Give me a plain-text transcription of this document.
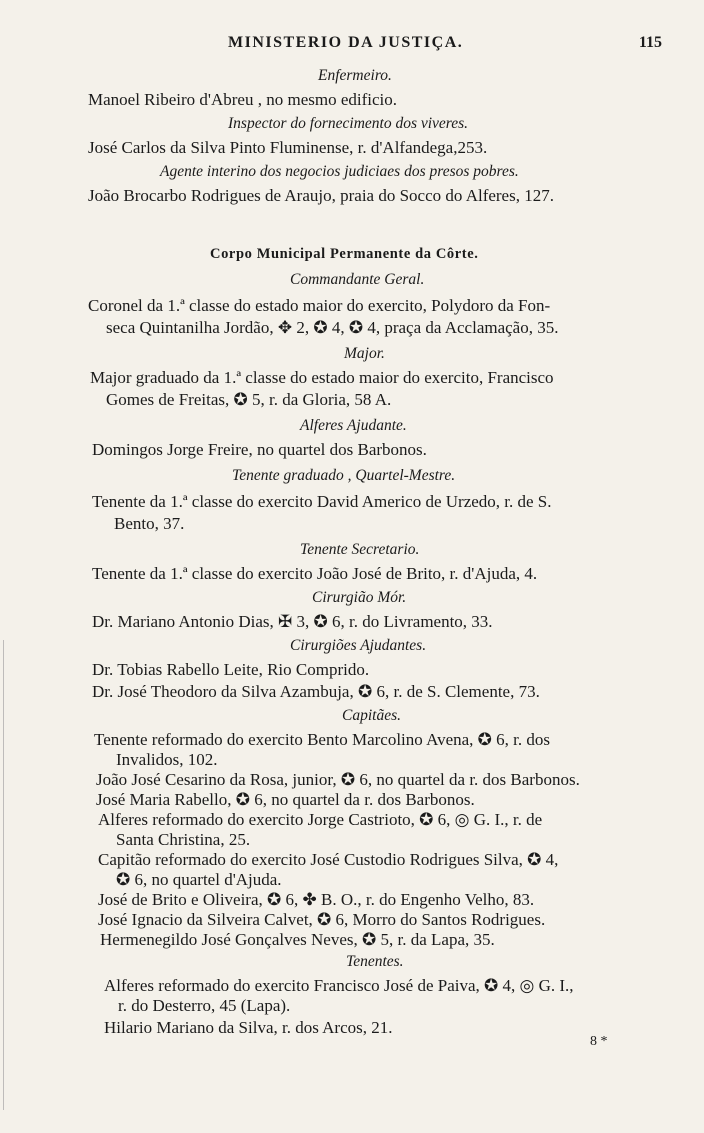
MINISTERIO DA JUSTIÇA.	115
Enfermeiro.
Manoel Ribeiro d'Abreu , no mesmo edificio.
Inspector do fornecimento dos viveres.
José Carlos da Silva Pinto Fluminense, r. d'Alfandega,253.
Agente interino dos negocios judiciaes dos presos pobres.
João Brocarbo Rodrigues de Araujo, praia do Socco do Alferes, 127.
Corpo Municipal Permanente da Côrte.
Commandante Geral.
Coronel da 1.ª classe do estado maior do exercito, Polydoro da Fon-
seca Quintanilha Jordão, ✥ 2, ✪ 4, ✪ 4, praça da Acclamação, 35.
Major.
Major graduado da 1.ª classe do estado maior do exercito, Francisco
Gomes de Freitas, ✪ 5, r. da Gloria, 58 A.
Alferes Ajudante.
Domingos Jorge Freire, no quartel dos Barbonos.
Tenente graduado , Quartel-Mestre.
Tenente da 1.ª classe do exercito David Americo de Urzedo, r. de S.
Bento, 37.
Tenente Secretario.
Tenente da 1.ª classe do exercito João José de Brito, r. d'Ajuda, 4.
Cirurgião Mór.
Dr. Mariano Antonio Dias, ✠ 3, ✪ 6, r. do Livramento, 33.
Cirurgiões Ajudantes.
Dr. Tobias Rabello Leite, Rio Comprido.
Dr. José Theodoro da Silva Azambuja, ✪ 6, r. de S. Clemente, 73.
Capitães.
Tenente reformado do exercito Bento Marcolino Avena, ✪ 6, r. dos
Invalidos, 102.
João José Cesarino da Rosa, junior, ✪ 6, no quartel da r. dos Barbonos.
José Maria Rabello, ✪ 6, no quartel da r. dos Barbonos.
Alferes reformado do exercito Jorge Castrioto, ✪ 6, ◎ G. I., r. de
Santa Christina, 25.
Capitão reformado do exercito José Custodio Rodrigues Silva, ✪ 4,
✪ 6, no quartel d'Ajuda.
José de Brito e Oliveira, ✪ 6, ✤ B. O., r. do Engenho Velho, 83.
José Ignacio da Silveira Calvet, ✪ 6, Morro do Santos Rodrigues.
Hermenegildo José Gonçalves Neves, ✪ 5, r. da Lapa, 35.
Tenentes.
Alferes reformado do exercito Francisco José de Paiva, ✪ 4, ◎ G. I.,
r. do Desterro, 45 (Lapa).
Hilario Mariano da Silva, r. dos Arcos, 21.
8 *
